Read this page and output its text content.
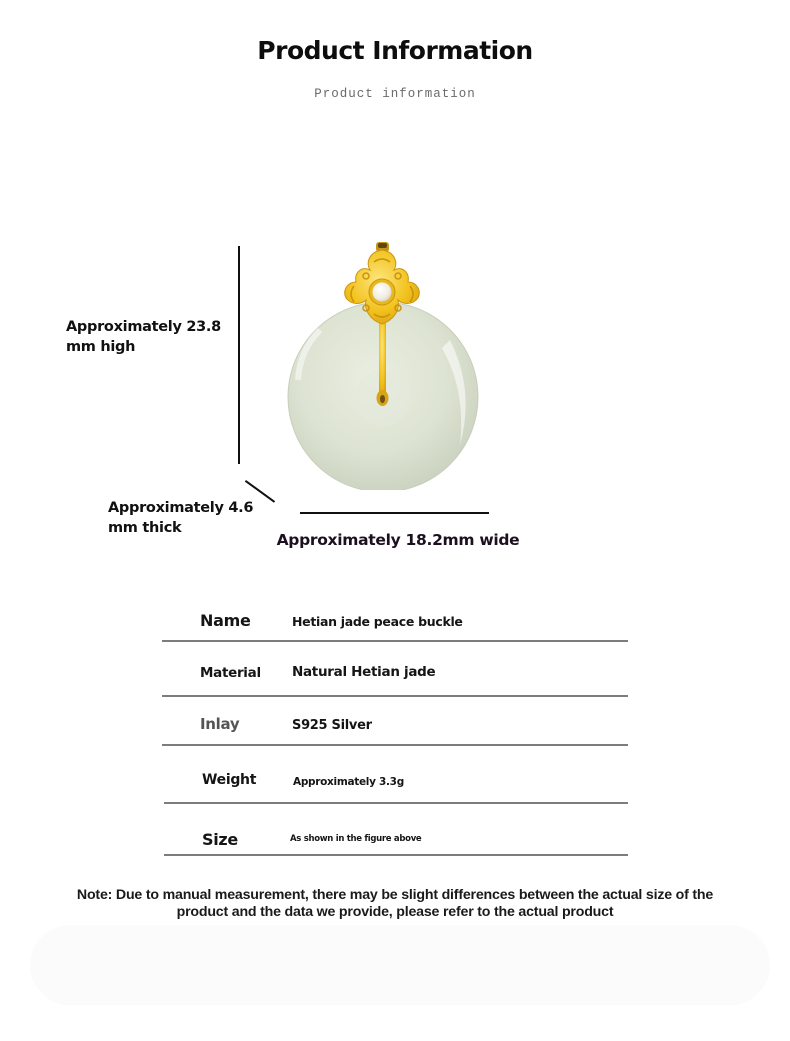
Product Information
Product information
Approximately 23.8
mm high
Approximately 4.6
mm thick
Approximately 18.2mm wide
Name	Hetian jade peace buckle
Material Natural Hetian jade
Inlay	S925 Silver
Weight	Approximately 3.3g
Size	As shown in the figure above
Note: Due to manual measurement, there may be slight differences between the actual size of the
product and the data we provide, please refer to the actual product
